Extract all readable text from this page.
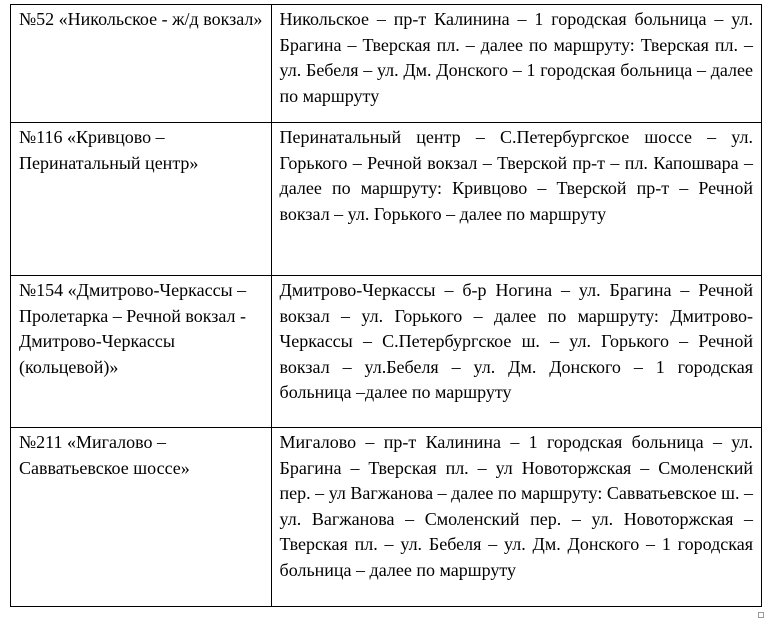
№52 «Никольское - ж/д вокзал»	Никольское – пр-т Калинина – 1 городская больница – ул. Брагина – Тверская пл. – далее по маршруту: Тверская пл. – ул. Бебеля – ул. Дм. Донского – 1 городская больница – далее по маршруту
№116 «Кривцово – Перинатальный центр»	Перинатальный центр – С.Петербургское шоссе – ул. Горького – Речной вокзал – Тверской пр-т – пл. Капошвара – далее по маршруту: Кривцово – Тверской пр-т – Речной вокзал – ул. Горького – далее по маршруту
№154 «Дмитрово-Черкассы – Пролетарка – Речной вокзал - Дмитрово-Черкассы (кольцевой)»	Дмитрово-Черкассы – б-р Ногина – ул. Брагина – Речной вокзал – ул. Горького – далее по маршруту: Дмитрово-Черкассы – С.Петербургское ш. – ул. Горького – Речной вокзал – ул.Бебеля – ул. Дм. Донского – 1 городская больница –далее по маршруту
№211 «Мигалово – Савватьевское шоссе»	Мигалово – пр-т Калинина – 1 городская больница – ул. Брагина – Тверская пл. – ул Новоторжская – Смоленский пер. – ул Вагжанова – далее по маршруту: Савватьевское ш. –ул. Вагжанова – Смоленский пер. – ул. Новоторжская – Тверская пл. – ул. Бебеля – ул. Дм. Донского – 1 городская больница – далее по маршруту
